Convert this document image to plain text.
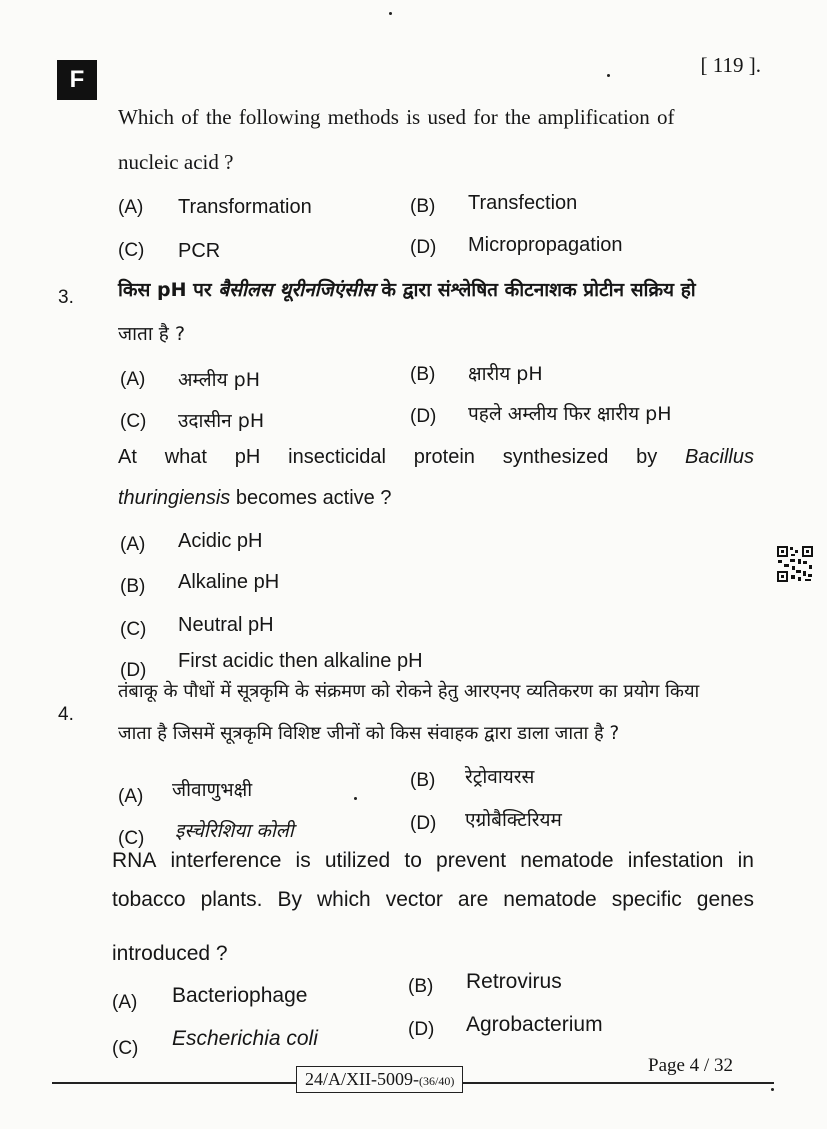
F
[ 119 ].
Which of the following methods is used for the amplification of
nucleic acid ?
(A) Transformation	(B) Transfection
(C) PCR	(D) Micropropagation
3. किस pH पर बैसीलस थूरीनजिएंसीस के द्वारा संश्लेषित कीटनाशक प्रोटीन सक्रिय हो
जाता है ?
(A) अम्लीय pH	(B) क्षारीय pH
(C) उदासीन pH	(D) पहले अम्लीय फिर क्षारीय pH
At what pH insecticidal protein synthesized by Bacillus
thuringiensis becomes active ?
(A) Acidic pH
(B) Alkaline pH
(C) Neutral pH
(D) First acidic then alkaline pH
4.
तंबाकू के पौधों में सूत्रकृमि के संक्रमण को रोकने हेतु आरएनए व्यतिकरण का प्रयोग किया
जाता है जिसमें सूत्रकृमि विशिष्ट जीनों को किस संवाहक द्वारा डाला जाता है ?
(A) जीवाणुभक्षी	(B) रेट्रोवायरस
(C) इस्चेरिशिया कोली	(D) एग्रोबैक्टिरियम
RNA interference is utilized to prevent nematode infestation in
tobacco plants. By which vector are nematode specific genes
introduced ?
(A) Bacteriophage	(B) Retrovirus
(C) Escherichia coli	(D) Agrobacterium
24/A/XII-5009-(36/40)
Page 4 / 32
